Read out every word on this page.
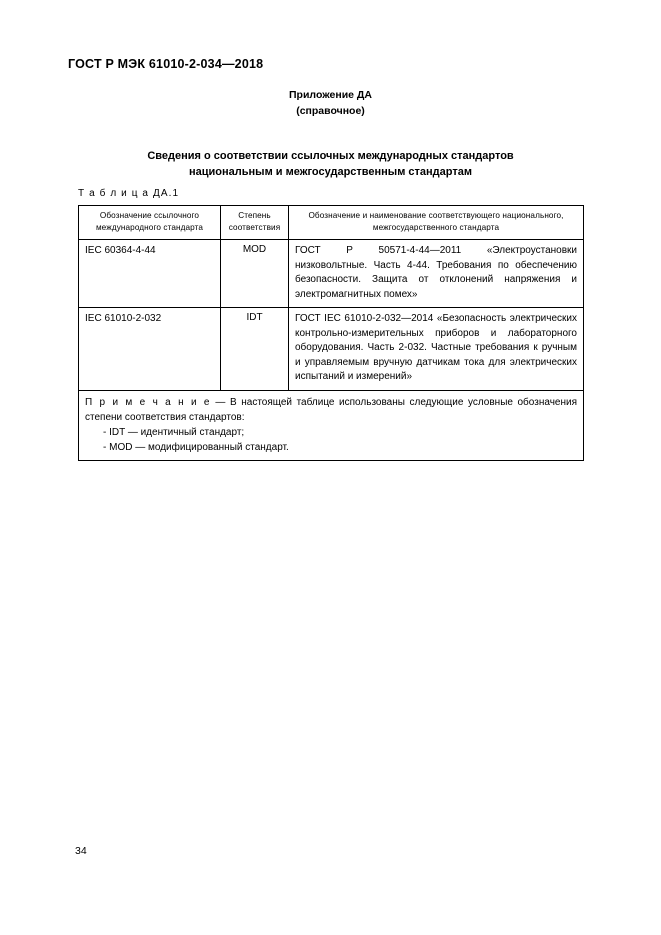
ГОСТ Р МЭК 61010-2-034—2018
Приложение ДА
(справочное)
Сведения о соответствии ссылочных международных стандартов
национальным и межгосударственным стандартам
Т а б л и ц а ДА.1
Обозначение ссылочного международного стандарта	Степень соответствия	Обозначение и наименование соответствующего национального, межгосударственного стандарта
IEC 60364-4-44	MOD	ГОСТ Р 50571-4-44—2011 «Электроустановки низковольтные. Часть 4-44. Требования по обеспечению безопасности. Защита от отклонений напряжения и электромагнитных помех»
IEC 61010-2-032	IDT	ГОСТ IEC 61010-2-032—2014 «Безопасность электрических контрольно-измерительных приборов и лабораторного оборудования. Часть 2-032. Частные требования к ручным и управляемым вручную датчикам тока для электрических испытаний и измерений»

П р и м е ч а н и е — В настоящей таблице использованы следующие условные обозначения степени соответствия стандартов:
- IDT — идентичный стандарт;
- MOD — модифицированный стандарт.		
34
